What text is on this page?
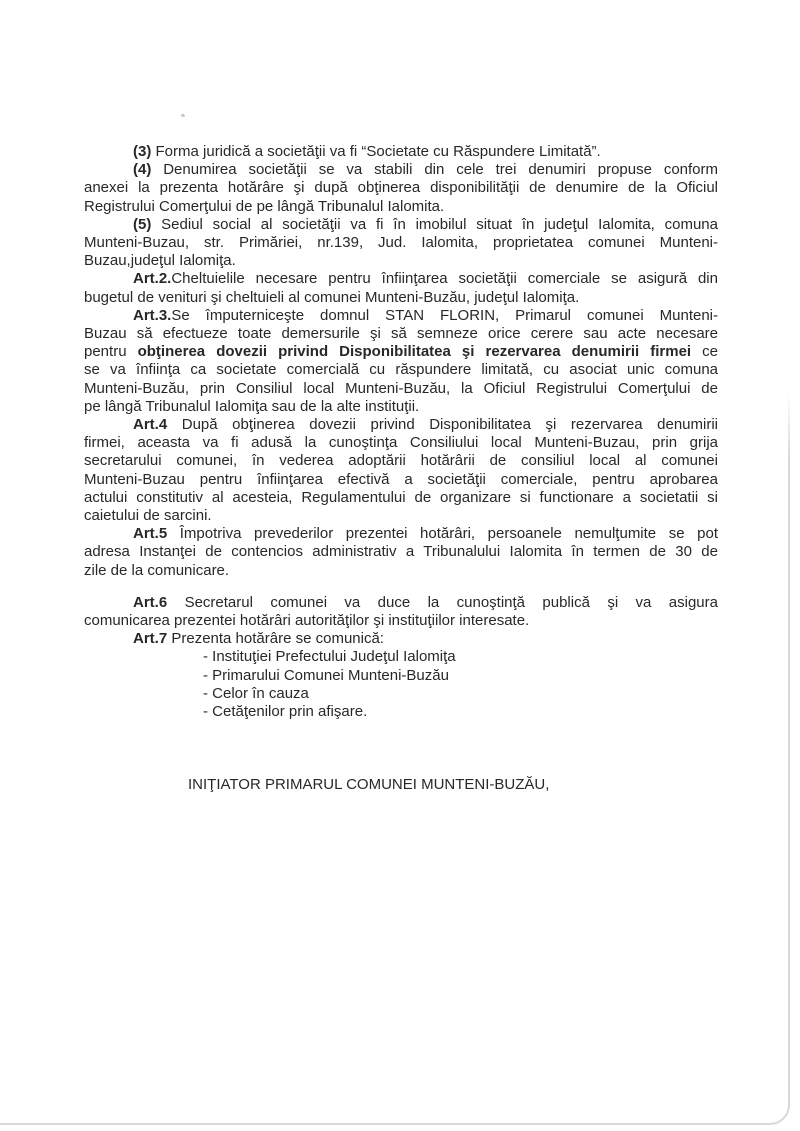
(3) Forma juridică a societăţii va fi “Societate cu Răspundere Limitată”.
(4) Denumirea societăţii se va stabili din cele trei denumiri propuse conform
anexei la prezenta hotărâre şi după obţinerea disponibilităţii de denumire de la Oficiul
Registrului Comerţului de pe lângă Tribunalul Ialomita.
(5) Sediul social al societăţii va fi în imobilul situat în judeţul Ialomita, comuna
Munteni-Buzau, str. Primăriei, nr.139, Jud. Ialomita, proprietatea comunei Munteni-
Buzau,judeţul Ialomiţa.
Art.2.Cheltuielile necesare pentru înfiinţarea societăţii comerciale se asigură din
bugetul de venituri şi cheltuieli al comunei Munteni-Buzău, judeţul Ialomiţa.
Art.3.Se împuterniceşte domnul STAN FLORIN, Primarul comunei Munteni-
Buzau să efectueze toate demersurile şi să semneze orice cerere sau acte necesare
pentru obţinerea dovezii privind Disponibilitatea şi rezervarea denumirii firmei ce
se va înfiinţa ca societate comercială cu răspundere limitată, cu asociat unic comuna
Munteni-Buzău, prin Consiliul local Munteni-Buzău, la Oficiul Registrului Comerţului de
pe lângă Tribunalul Ialomiţa sau de la alte instituţii.
Art.4 După obţinerea dovezii privind Disponibilitatea şi rezervarea denumirii
firmei, aceasta va fi adusă la cunoştinţa Consiliului local Munteni-Buzau, prin grija
secretarului comunei, în vederea adoptării hotărârii de consiliul local al comunei
Munteni-Buzau pentru înfiinţarea efectivă a societăţii comerciale, pentru aprobarea
actului constitutiv al acesteia, Regulamentului de organizare si functionare a societatii si
caietului de sarcini.
Art.5 Împotriva prevederilor prezentei hotărâri, persoanele nemulţumite se pot
adresa Instanţei de contencios administrativ a Tribunalului Ialomita în termen de 30 de
zile de la comunicare.
Art.6 Secretarul comunei va duce la cunoştinţă publică şi va asigura
comunicarea prezentei hotărâri autorităţilor şi instituţiilor interesate.
Art.7 Prezenta hotărâre se comunică:
- Instituţiei Prefectului Judeţul Ialomiţa
- Primarului Comunei Munteni-Buzău
- Celor în cauza
- Cetăţenilor prin afişare.
INIŢIATOR PRIMARUL COMUNEI MUNTENI-BUZĂU,
